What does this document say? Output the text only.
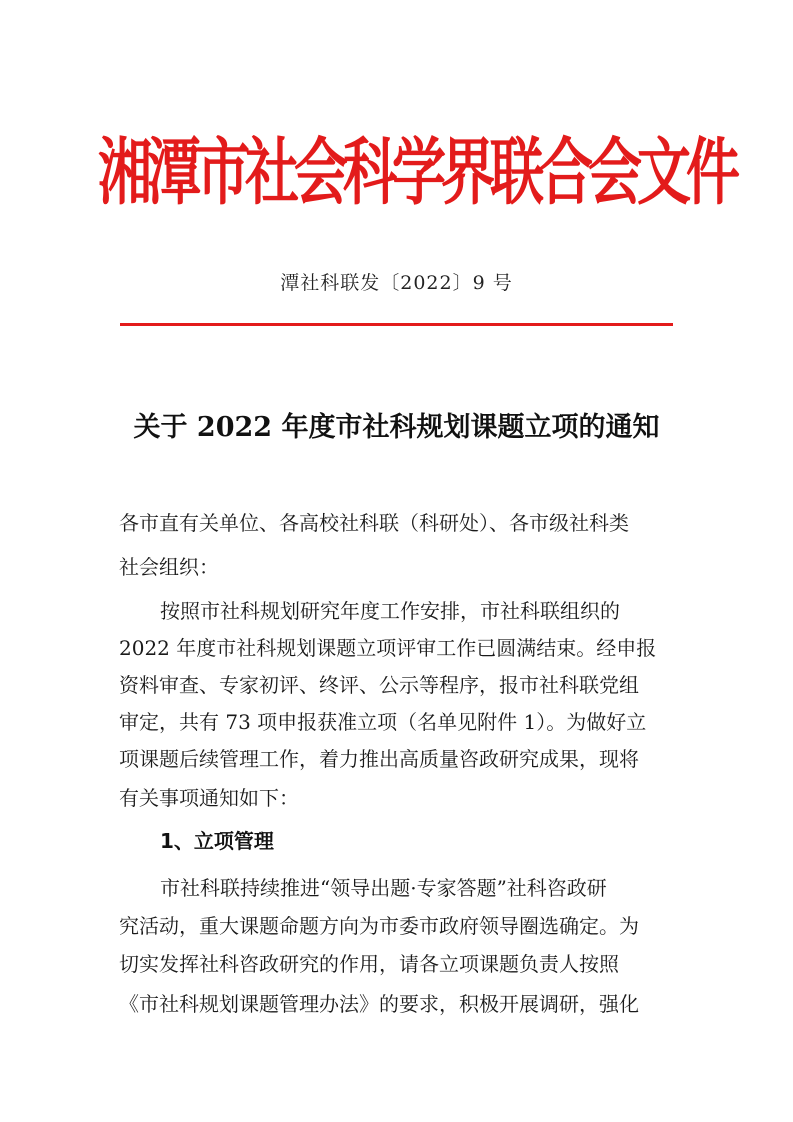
湘潭市社会科学界联合会文件
潭社科联发〔2022〕9 号
关于 2022 年度市社科规划课题立项的通知
各市直有关单位、各高校社科联（科研处）、各市级社科类
社会组织：
按照市社科规划研究年度工作安排，市社科联组织的
2022 年度市社科规划课题立项评审工作已圆满结束。经申报
资料审查、专家初评、终评、公示等程序，报市社科联党组
审定，共有 73 项申报获准立项（名单见附件 1）。为做好立
项课题后续管理工作，着力推出高质量咨政研究成果，现将
有关事项通知如下：
1、立项管理
市社科联持续推进“领导出题·专家答题”社科咨政研
究活动，重大课题命题方向为市委市政府领导圈选确定。为
切实发挥社科咨政研究的作用，请各立项课题负责人按照
《市社科规划课题管理办法》的要求，积极开展调研，强化
